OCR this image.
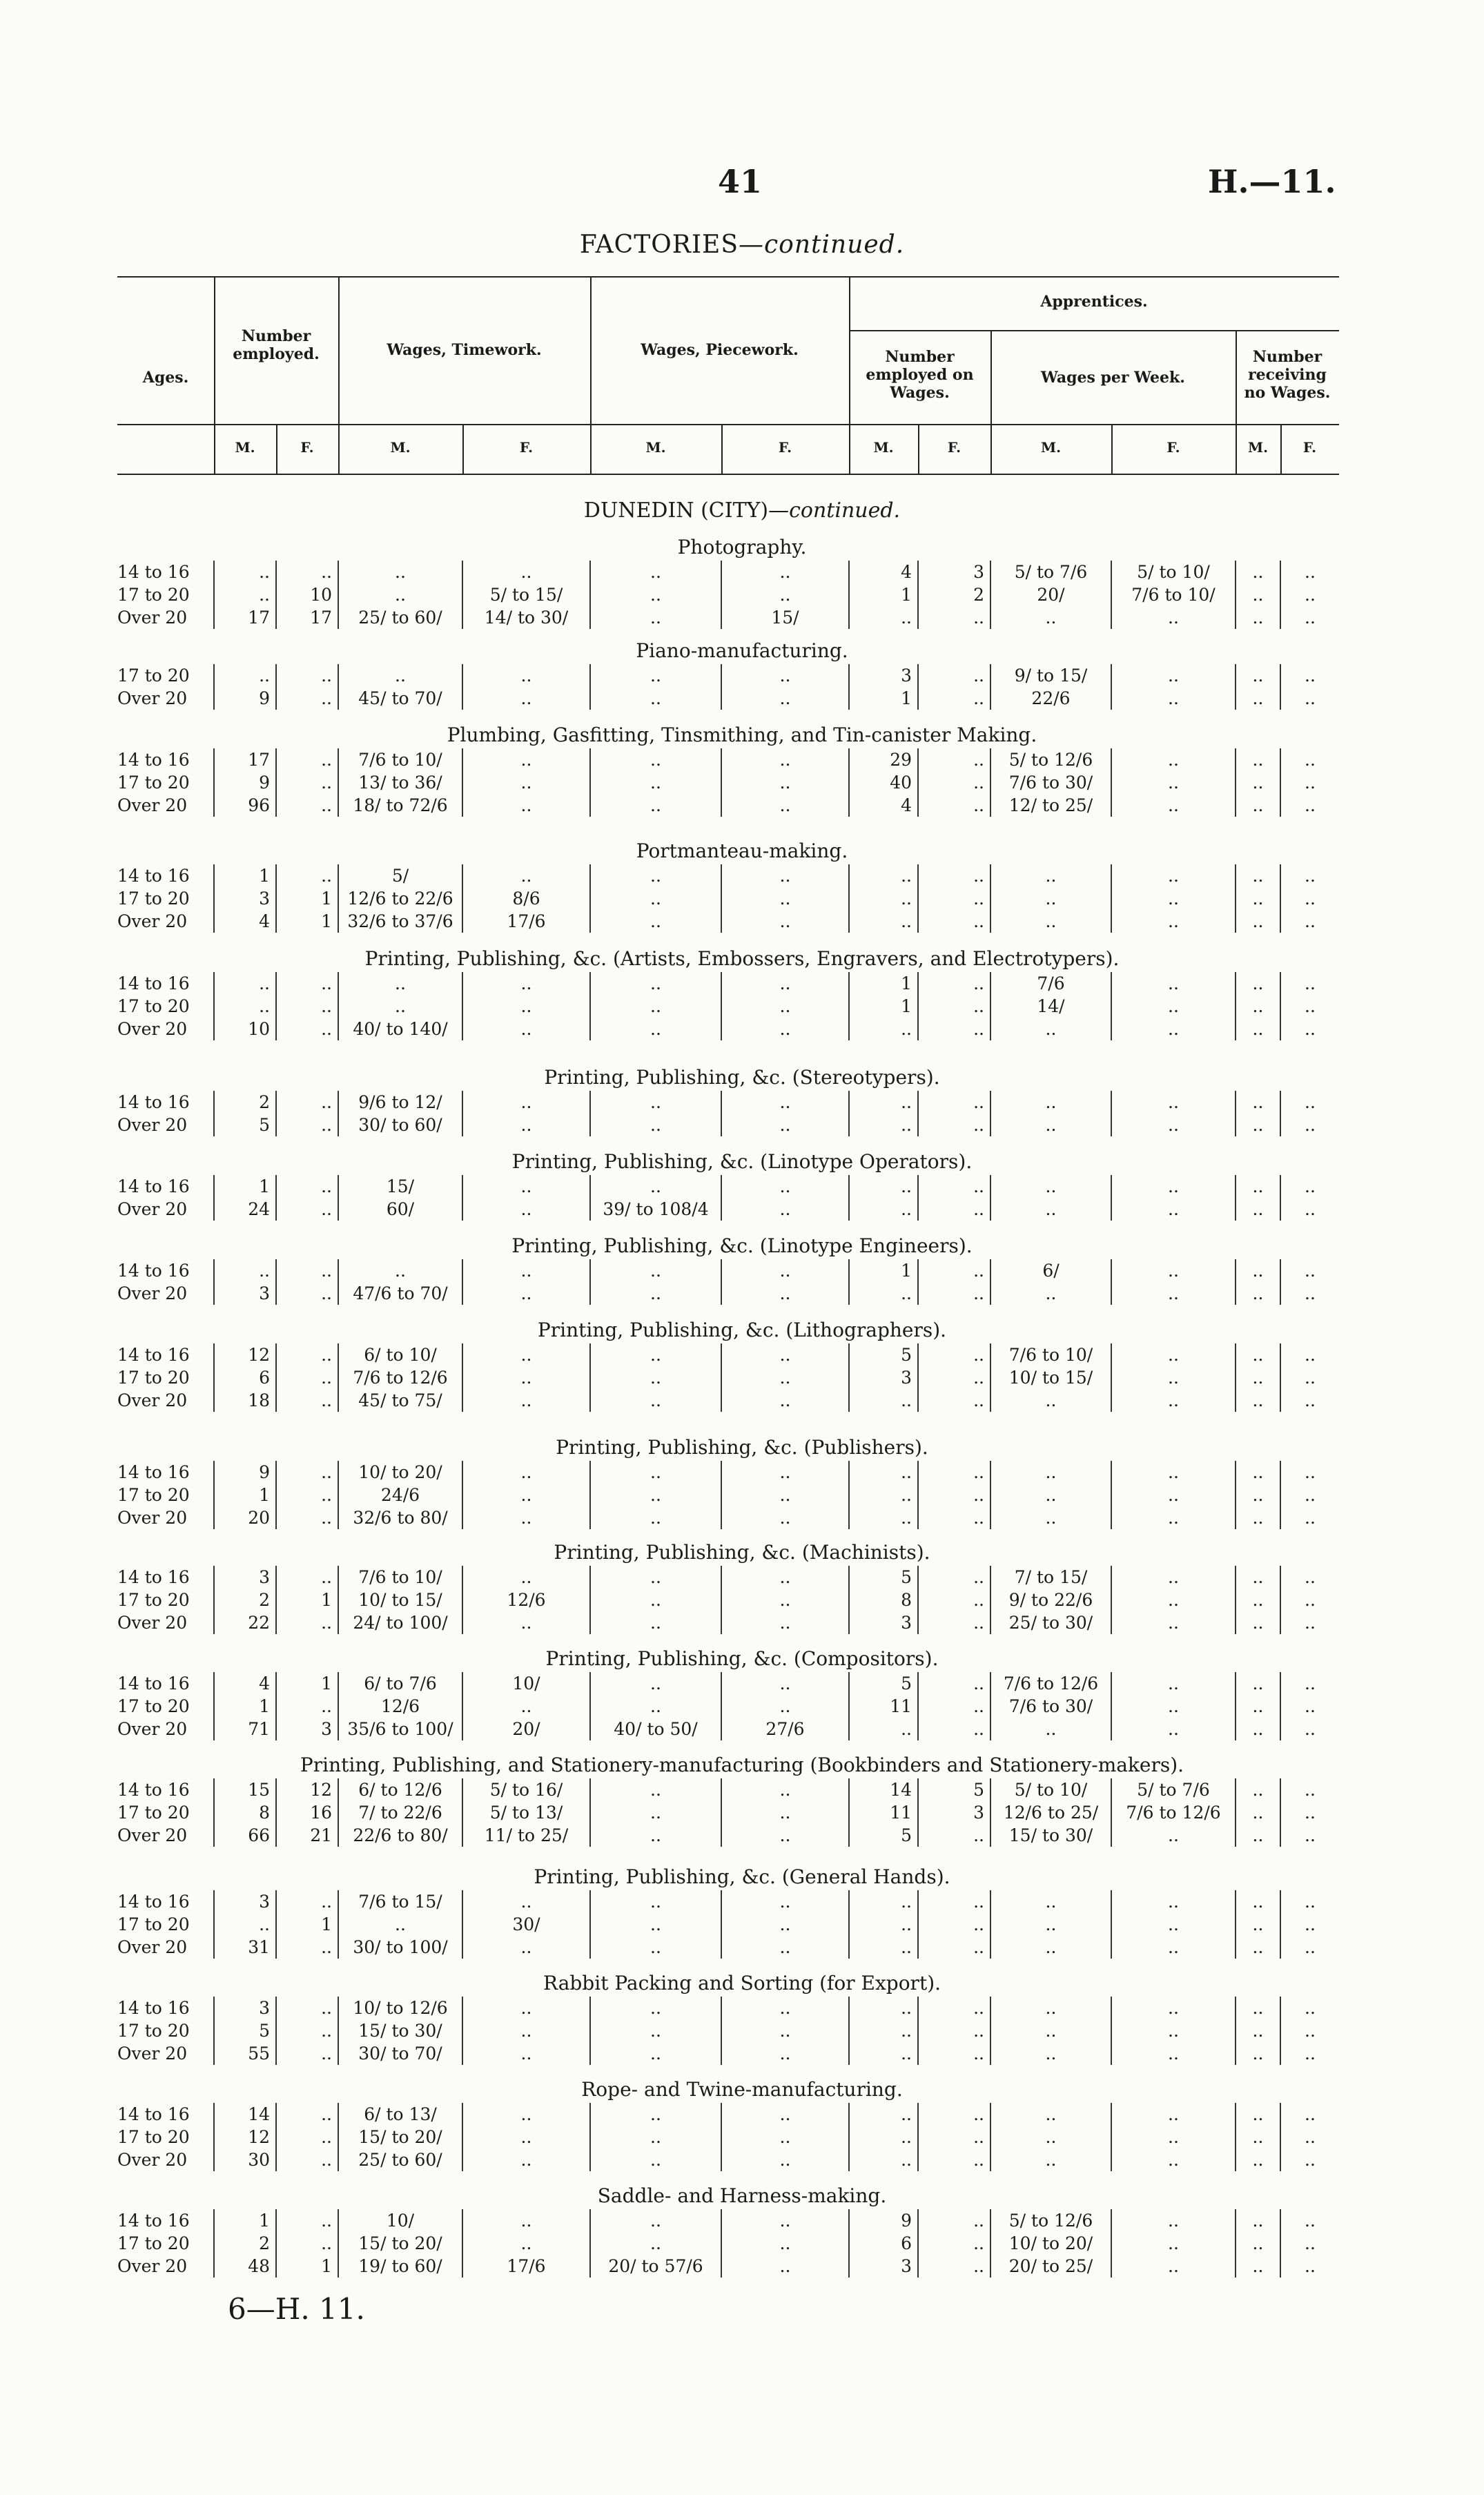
41	H.—11.
FACTORIES—continued.
Ages.
Number employed.	Wages, Timework.	Wages, Piecework.
Apprentices.
Number employed on Wages.
Wages per Week.
Number receiving no Wages.
M.	F.	M.	F.	M.	F.	M.	F.	M.	F.	M.	F.
DUNEDIN (CITY)—continued.
Photography.
14 to 16	..	..	..	..	..	..	4	3	5/ to 7/6	5/ to 10/	..	..
17 to 20	..	10	..	5/ to 15/	..	..	1	2	20/	7/6 to 10/	..	..
Over 20	17	17	25/ to 60/	14/ to 30/	..	15/	..	..	..	..	..	..
Piano-manufacturing.
17 to 20	..	..	..	..	..	..	3	..	9/ to 15/	..	..	..
Over 20	9	..	45/ to 70/	..	..	..	1	..	22/6	..	..	..
Plumbing, Gasfitting, Tinsmithing, and Tin-canister Making.
14 to 16	17	..	7/6 to 10/	..	..	..	29	..	5/ to 12/6	..	..	..
17 to 20	9	..	13/ to 36/	..	..	..	40	..	7/6 to 30/	..	..	..
Over 20	96	..	18/ to 72/6	..	..	..	4	..	12/ to 25/	..	..	..
Portmanteau-making.
14 to 16	1	..	5/	..	..	..	..	..	..	..	..	..
17 to 20	3	1	12/6 to 22/6	8/6	..	..	..	..	..	..	..	..
Over 20	4	1	32/6 to 37/6	17/6	..	..	..	..	..	..	..	..
Printing, Publishing, &c. (Artists, Embossers, Engravers, and Electrotypers).
14 to 16	..	..	..	..	..	..	1	..	7/6	..	..	..
17 to 20	..	..	..	..	..	..	1	..	14/	..	..	..
Over 20	10	..	40/ to 140/	..	..	..	..	..	..	..	..	..
Printing, Publishing, &c. (Stereotypers).
14 to 16	2	..	9/6 to 12/	..	..	..	..	..	..	..	..	..
Over 20	5	..	30/ to 60/	..	..	..	..	..	..	..	..	..
Printing, Publishing, &c. (Linotype Operators).
14 to 16	1	..	15/	..	..	..	..	..	..	..	..	..
Over 20	24	..	60/	..	39/ to 108/4	..	..	..	..	..	..	..
Printing, Publishing, &c. (Linotype Engineers).
14 to 16	..	..	..	..	..	..	1	..	6/	..	..	..
Over 20	3	..	47/6 to 70/	..	..	..	..	..	..	..	..	..
Printing, Publishing, &c. (Lithographers).
14 to 16	12	..	6/ to 10/	..	..	..	5	..	7/6 to 10/	..	..	..
17 to 20	6	..	7/6 to 12/6	..	..	..	3	..	10/ to 15/	..	..	..
Over 20	18	..	45/ to 75/	..	..	..	..	..	..	..	..	..
Printing, Publishing, &c. (Publishers).
14 to 16	9	..	10/ to 20/	..	..	..	..	..	..	..	..	..
17 to 20	1	..	24/6	..	..	..	..	..	..	..	..	..
Over 20	20	..	32/6 to 80/	..	..	..	..	..	..	..	..	..
Printing, Publishing, &c. (Machinists).
14 to 16	3	..	7/6 to 10/	..	..	..	5	..	7/ to 15/	..	..	..
17 to 20	2	1	10/ to 15/	12/6	..	..	8	..	9/ to 22/6	..	..	..
Over 20	22	..	24/ to 100/	..	..	..	3	..	25/ to 30/	..	..	..
Printing, Publishing, &c. (Compositors).
14 to 16	4	1	6/ to 7/6	10/	..	..	5	..	7/6 to 12/6	..	..	..
17 to 20	1	..	12/6	..	..	..	11	..	7/6 to 30/	..	..	..
Over 20	71	3	35/6 to 100/	20/	40/ to 50/	27/6	..	..	..	..	..	..
Printing, Publishing, and Stationery-manufacturing (Bookbinders and Stationery-makers).
14 to 16	15	12	6/ to 12/6	5/ to 16/	..	..	14	5	5/ to 10/	5/ to 7/6	..	..
17 to 20	8	16	7/ to 22/6	5/ to 13/	..	..	11	3	12/6 to 25/	7/6 to 12/6	..	..
Over 20	66	21	22/6 to 80/	11/ to 25/	..	..	5	..	15/ to 30/	..	..	..
Printing, Publishing, &c. (General Hands).
14 to 16	3	..	7/6 to 15/	..	..	..	..	..	..	..	..	..
17 to 20	..	1	..	30/	..	..	..	..	..	..	..	..
Over 20	31	..	30/ to 100/	..	..	..	..	..	..	..	..	..
Rabbit Packing and Sorting (for Export).
14 to 16	3	..	10/ to 12/6	..	..	..	..	..	..	..	..	..
17 to 20	5	..	15/ to 30/	..	..	..	..	..	..	..	..	..
Over 20	55	..	30/ to 70/	..	..	..	..	..	..	..	..	..
Rope- and Twine-manufacturing.
14 to 16	14	..	6/ to 13/	..	..	..	..	..	..	..	..	..
17 to 20	12	..	15/ to 20/	..	..	..	..	..	..	..	..	..
Over 20	30	..	25/ to 60/	..	..	..	..	..	..	..	..	..
Saddle- and Harness-making.
14 to 16	1	..	10/	..	..	..	9	..	5/ to 12/6	..	..	..
17 to 20	2	..	15/ to 20/	..	..	..	6	..	10/ to 20/	..	..	..
Over 20	48	1	19/ to 60/	17/6	20/ to 57/6	..	3	..	20/ to 25/	..	..	..
6—H. 11.
